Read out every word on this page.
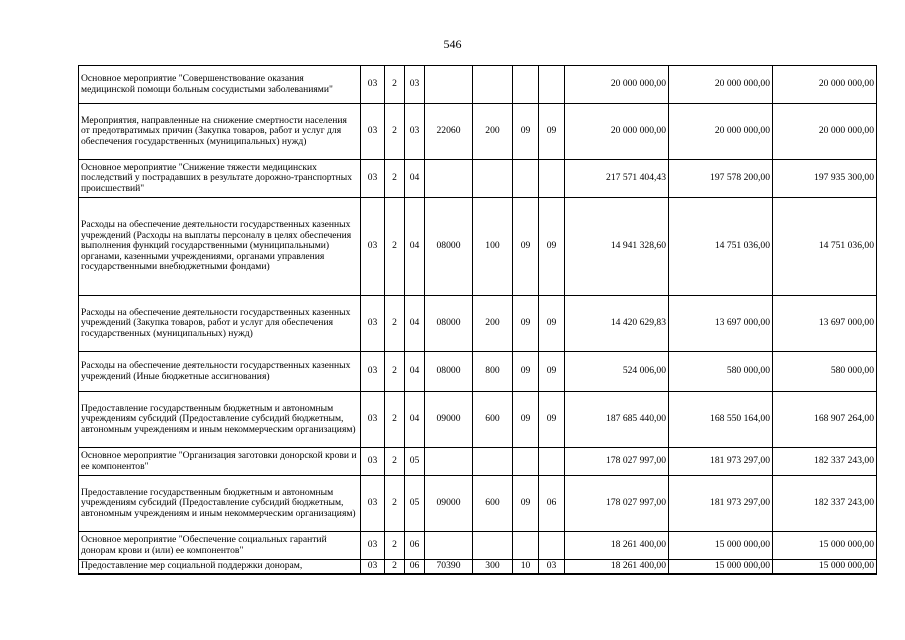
546
Основное мероприятие "Совершенствование оказания медицинской помощи больным сосудистыми заболеваниями"	03	2	03					20 000 000,00	20 000 000,00	20 000 000,00
Мероприятия, направленные на снижение смертности населения от предотвратимых причин (Закупка товаров, работ и услуг для обеспечения государственных (муниципальных) нужд)	03	2	03	22060	200	09	09	20 000 000,00	20 000 000,00	20 000 000,00
Основное мероприятие "Снижение тяжести медицинских последствий у пострадавших в результате дорожно-транспортных происшествий"	03	2	04					217 571 404,43	197 578 200,00	197 935 300,00
Расходы на обеспечение деятельности государственных казенных учреждений (Расходы на выплаты персоналу в целях обеспечения выполнения функций государственными (муниципальными) органами, казенными учреждениями, органами управления государственными внебюджетными фондами)	03	2	04	08000	100	09	09	14 941 328,60	14 751 036,00	14 751 036,00
Расходы на обеспечение деятельности государственных казенных учреждений (Закупка товаров, работ и услуг для обеспечения государственных (муниципальных) нужд)	03	2	04	08000	200	09	09	14 420 629,83	13 697 000,00	13 697 000,00
Расходы на обеспечение деятельности государственных казенных учреждений (Иные бюджетные ассигнования)	03	2	04	08000	800	09	09	524 006,00	580 000,00	580 000,00
Предоставление государственным бюджетным и автономным учреждениям субсидий (Предоставление субсидий бюджетным, автономным учреждениям и иным некоммерческим организациям)	03	2	04	09000	600	09	09	187 685 440,00	168 550 164,00	168 907 264,00
Основное мероприятие "Организация заготовки донорской крови и ее компонентов"	03	2	05					178 027 997,00	181 973 297,00	182 337 243,00
Предоставление государственным бюджетным и автономным учреждениям субсидий (Предоставление субсидий бюджетным, автономным учреждениям и иным некоммерческим организациям)	03	2	05	09000	600	09	06	178 027 997,00	181 973 297,00	182 337 243,00
Основное мероприятие "Обеспечение социальных гарантий донорам крови и (или) ее компонентов"	03	2	06					18 261 400,00	15 000 000,00	15 000 000,00
Предоставление мер социальной поддержки донорам,	03	2	06	70390	300	10	03	18 261 400,00	15 000 000,00	15 000 000,00
